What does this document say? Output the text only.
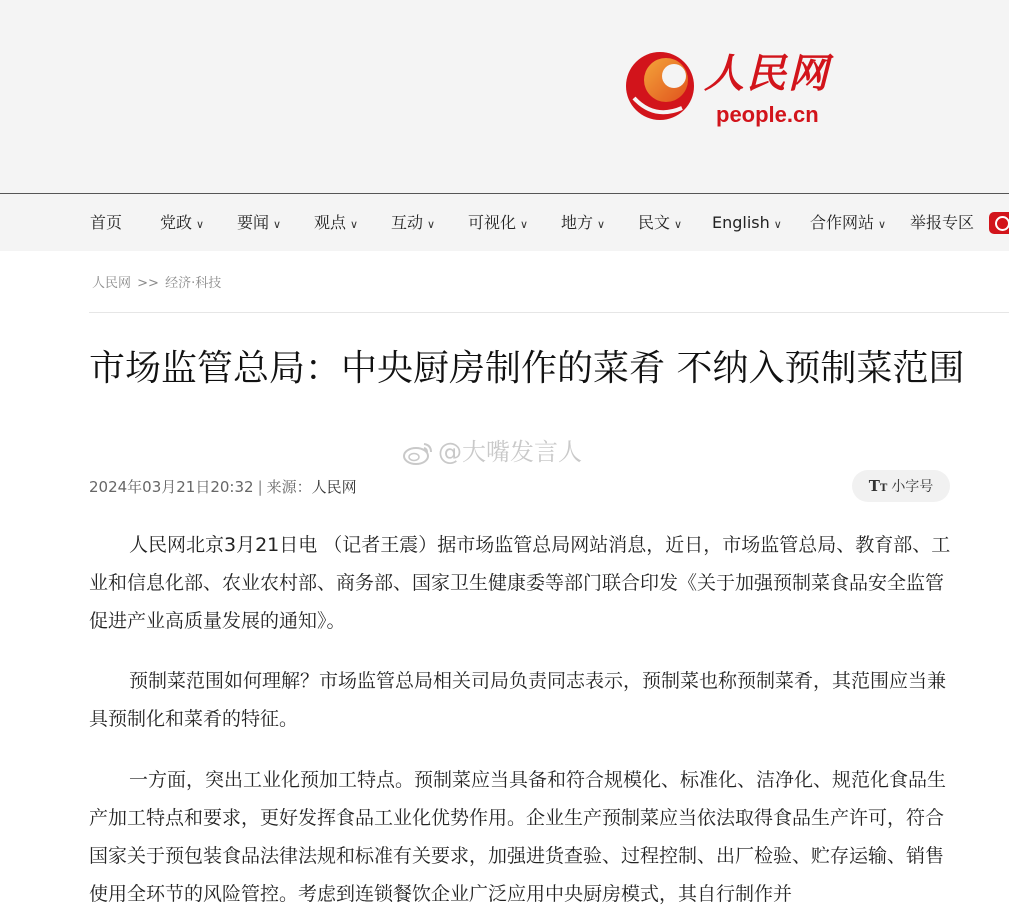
人民网
people.cn
首页 党政 ∨ 要闻 ∨ 观点 ∨ 互动 ∨ 可视化 ∨ 地方 ∨ 民文 ∨ English ∨ 合作网站 ∨ 举报专区
人民网 >> 经济·科技
市场监管总局：中央厨房制作的菜肴 不纳入预制菜范围
@大嘴发言人
2024年03月21日20:32 | 来源：人民网	TT 小字号

人民网北京3月21日电 （记者王震）据市场监管总局网站消息，近日，市场监管总局、教育部、工业和信息化部、农业农村部、商务部、国家卫生健康委等部门联合印发《关于加强预制菜食品安全监管 促进产业高质量发展的通知》。

预制菜范围如何理解？市场监管总局相关司局负责同志表示，预制菜也称预制菜肴，其范围应当兼具预制化和菜肴的特征。

一方面，突出工业化预加工特点。预制菜应当具备和符合规模化、标准化、洁净化、规范化食品生产加工特点和要求，更好发挥食品工业化优势作用。企业生产预制菜应当依法取得食品生产许可，符合国家关于预包装食品法律法规和标准有关要求，加强进货查验、过程控制、出厂检验、贮存运输、销售使用全环节的风险管控。考虑到连锁餐饮企业广泛应用中央厨房模式，其自行制作并
